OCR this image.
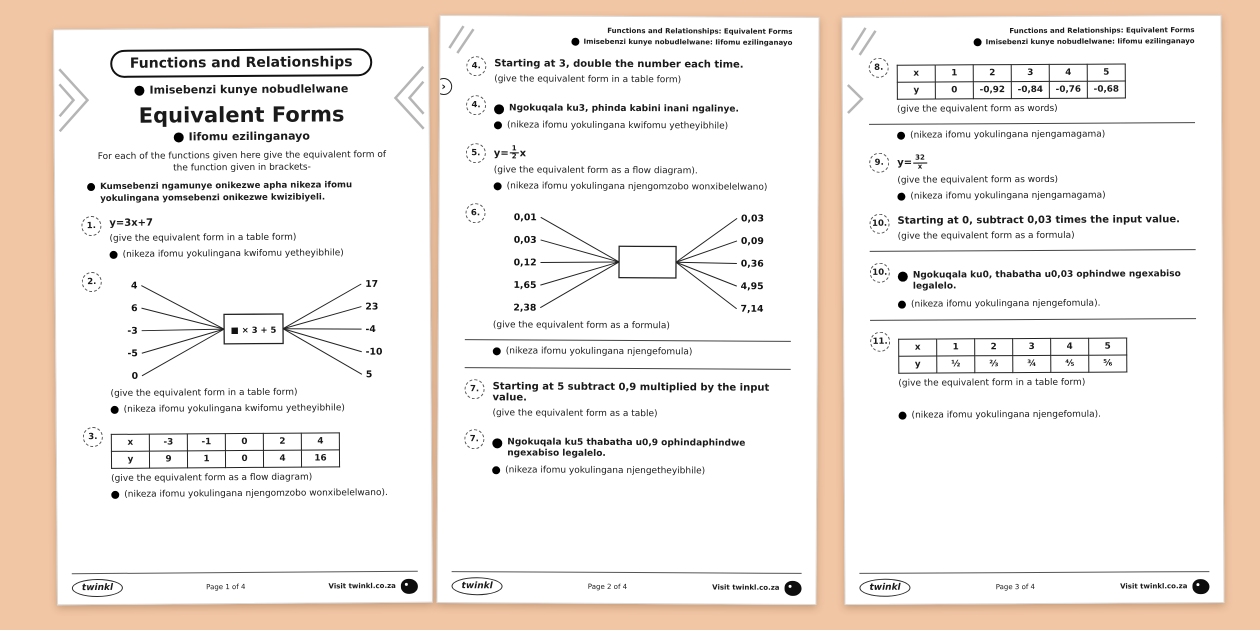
Functions and Relationships
Imisebenzi kunye nobudlelwane
Equivalent Forms
Iifomu ezilinganayo

For each of the functions given here give the equivalent form of the function given in brackets-

Kumsebenzi ngamunye onikezwe apha nikeza ifomu yokulingana yomsebenzi onikezwe kwizibiyeli.
1.	y=3x+7
(give the equivalent form in a table form)
(nikeza ifomu yokulingana kwifomu yetheyibhile)
2.
■ × 3 + 5
4
6
-3
-5
0
17
23
-4
-10
5
(give the equivalent form in a table form)
(nikeza ifomu yokulingana kwifomu yetheyibhile)
3.
x	-3	-1	0	2	4
y	9	1	0	4	16
(give the equivalent form as a flow diagram)
(nikeza ifomu yokulingana njengomzobo wonxibelelwano).
twinkl	Page 1 of 4	Visit twinkl.co.za
›
Functions and Relationships: Equivalent Forms
Imisebenzi kunye nobudlelwane: Iifomu ezilinganayo
4.	Starting at 3, double the number each time.
(give the equivalent form in a table form)
4.	Ngokuqala ku3, phinda kabini inani ngalinye.
(nikeza ifomu yokulingana kwifomu yetheyibhile)
5.	$y= \frac{1}{2}$ x
(give the equivalent form as a flow diagram).
(nikeza ifomu yokulingana njengomzobo wonxibelelwano)
6.	0,01
0,03
0,12
1,65
2,38
0,03
0,09
0,36
4,95
7,14
(give the equivalent form as a formula)
(nikeza ifomu yokulingana njengefomula)
7.	Starting at 5 subtract 0,9 multiplied by the input value.
(give the equivalent form as a table)
7.	Ngokuqala ku5 thabatha u0,9 ophindaphindwe ngexabiso legalelo.
(nikeza ifomu yokulingana njengetheyibhile)
twinkl	Page 2 of 4	Visit twinkl.co.za
Functions and Relationships: Equivalent Forms
Imisebenzi kunye nobudlelwane: Iifomu ezilinganayo
8.
x	1	2	3	4	5
y	0	-0,92	-0,84	-0,76	-0,68
(give the equivalent form as words)
(nikeza ifomu yokulingana njengamagama)
9.	$y= \frac{32}{x}$
(give the equivalent form as words)
(nikeza ifomu yokulingana njengamagama)
10. Starting at 0, subtract 0,03 times the input value.
(give the equivalent form as a formula)
10.	Ngokuqala ku0, thabatha u0,03 ophindwe ngexabiso legalelo.
(nikeza ifomu yokulingana njengefomula).
11.
x	1	2	3	4	5
y	½	⅔	¾	⅘	⅚
(give the equivalent form in a table form)
(nikeza ifomu yokulingana njengefomula).
twinkl	Page 3 of 4	Visit twinkl.co.za
